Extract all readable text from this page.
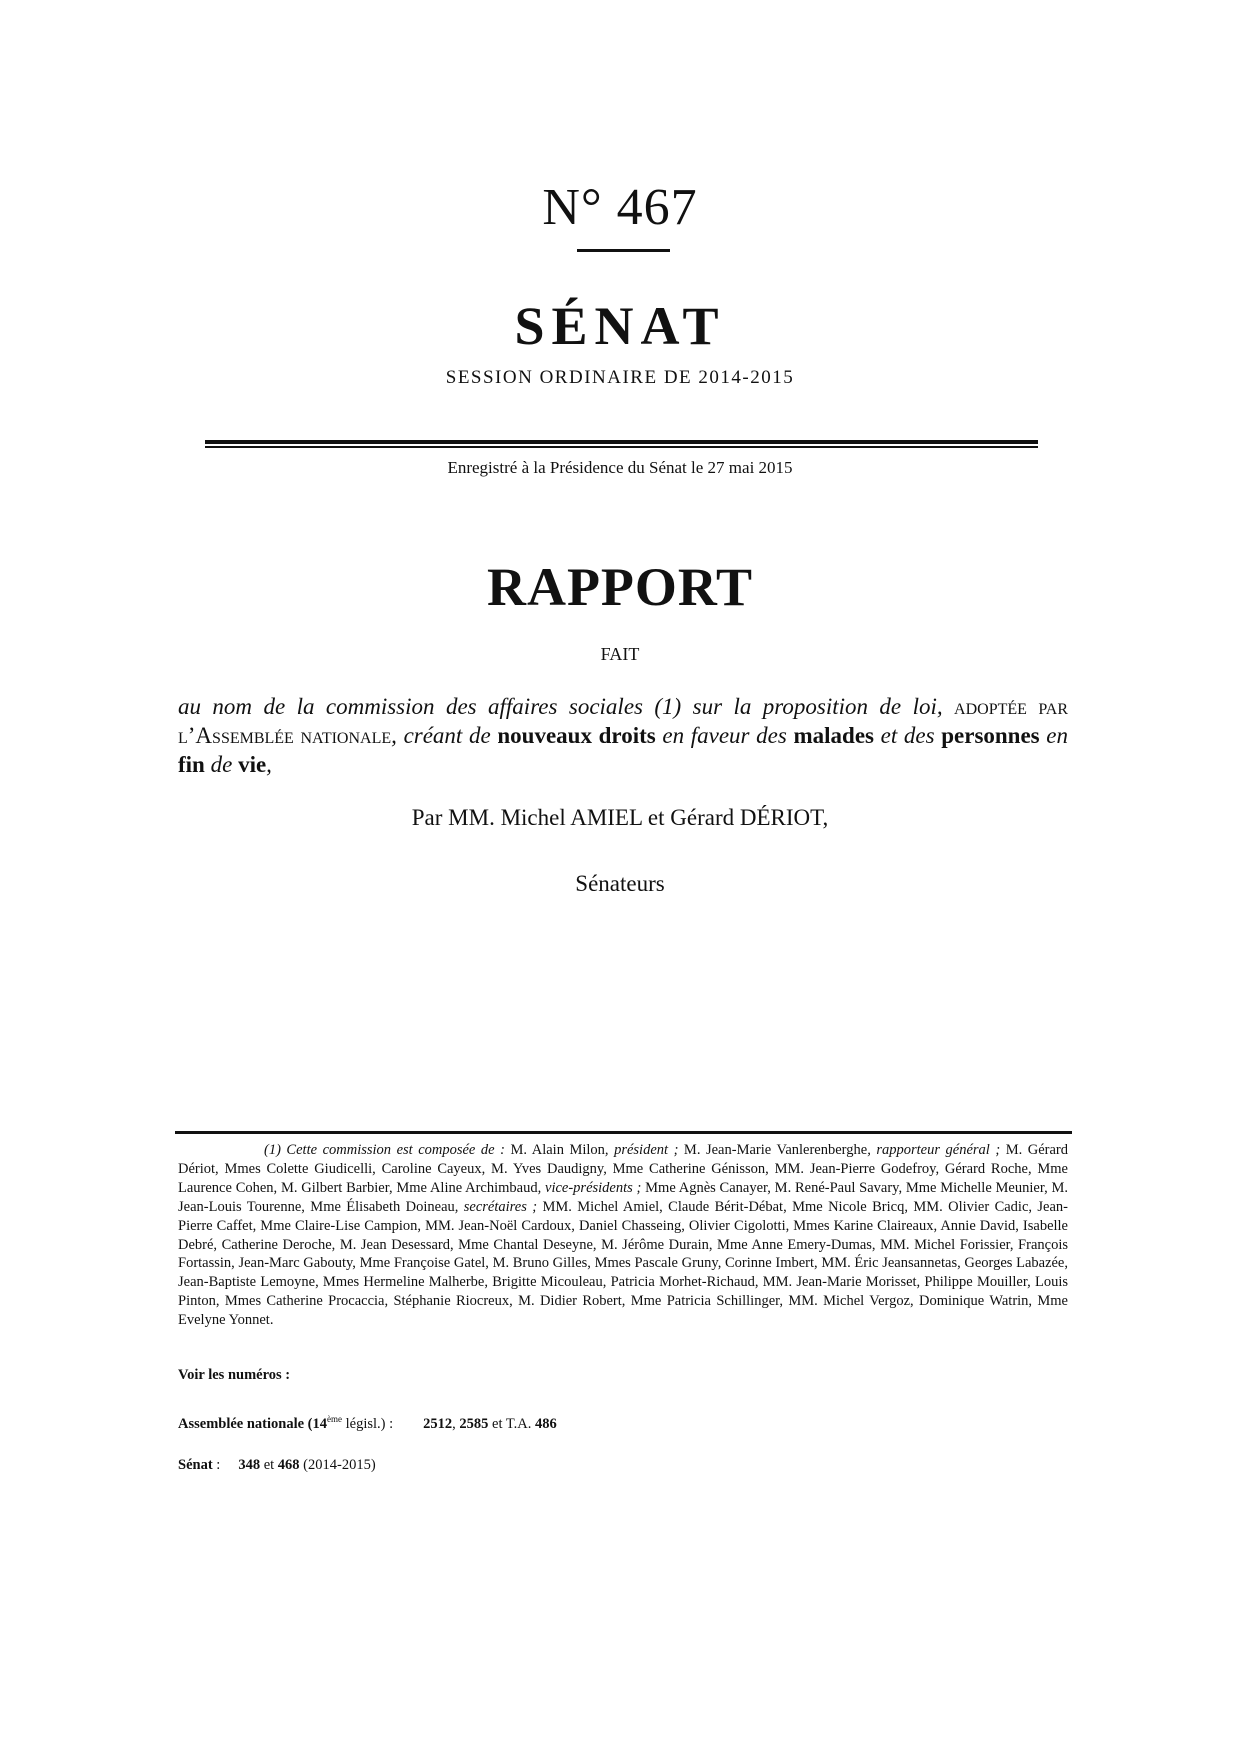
N° 467
SÉNAT
SESSION ORDINAIRE DE 2014-2015
Enregistré à la Présidence du Sénat le 27 mai 2015
RAPPORT
FAIT
au nom de la commission des affaires sociales (1) sur la proposition de loi, adoptée par l’Assemblée nationale, créant de nouveaux droits en faveur des malades et des personnes en fin de vie,
Par MM. Michel AMIEL et Gérard DÉRIOT,
Sénateurs
(1) Cette commission est composée de : M. Alain Milon, président ; M. Jean-Marie Vanlerenberghe, rapporteur général ; M. Gérard Dériot, Mmes Colette Giudicelli, Caroline Cayeux, M. Yves Daudigny, Mme Catherine Génisson, MM. Jean-Pierre Godefroy, Gérard Roche, Mme Laurence Cohen, M. Gilbert Barbier, Mme Aline Archimbaud, vice-présidents ; Mme Agnès Canayer, M. René-Paul Savary, Mme Michelle Meunier, M. Jean-Louis Tourenne, Mme Élisabeth Doineau, secrétaires ; MM. Michel Amiel, Claude Bérit-Débat, Mme Nicole Bricq, MM. Olivier Cadic, Jean-Pierre Caffet, Mme Claire-Lise Campion, MM. Jean-Noël Cardoux, Daniel Chasseing, Olivier Cigolotti, Mmes Karine Claireaux, Annie David, Isabelle Debré, Catherine Deroche, M. Jean Desessard, Mme Chantal Deseyne, M. Jérôme Durain, Mme Anne Emery-Dumas, MM. Michel Forissier, François Fortassin, Jean-Marc Gabouty, Mme Françoise Gatel, M. Bruno Gilles, Mmes Pascale Gruny, Corinne Imbert, MM. Éric Jeansannetas, Georges Labazée, Jean-Baptiste Lemoyne, Mmes Hermeline Malherbe, Brigitte Micouleau, Patricia Morhet-Richaud, MM. Jean-Marie Morisset, Philippe Mouiller, Louis Pinton, Mmes Catherine Procaccia, Stéphanie Riocreux, M. Didier Robert, Mme Patricia Schillinger, MM. Michel Vergoz, Dominique Watrin, Mme Evelyne Yonnet.
Voir les numéros :
Assemblée nationale (14ème législ.) : 2512, 2585 et T.A. 486
Sénat : 348 et 468 (2014-2015)
